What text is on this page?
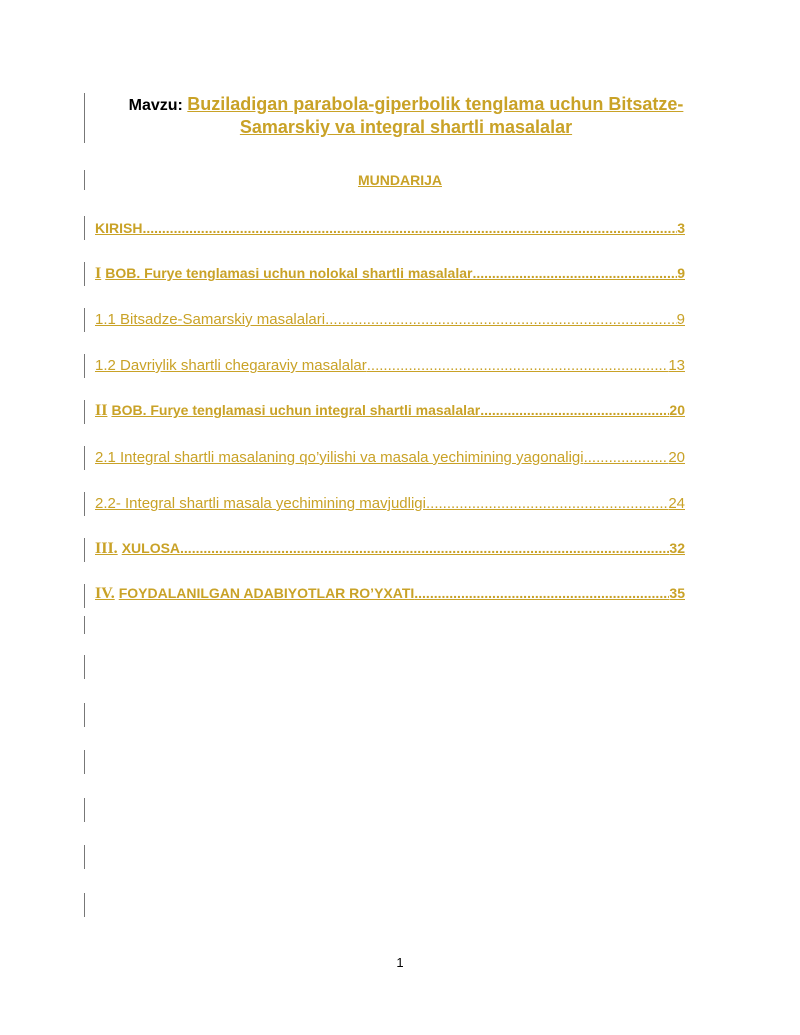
Mavzu: Buziladigan parabola-giperbolik tenglama uchun Bitsatze-
Samarskiy va integral shartli masalalar
MUNDARIJA
KIRISH .....	3
I BOB. Furye tenglamasi uchun nolokal shartli masalalar .....	9
1.1 Bitsadze-Samarskiy masalalari .....	9
1.2 Davriylik shartli chegaraviy masalalar .....	13
II BOB. Furye tenglamasi uchun integral shartli masalalar .....	20
2.1 Integral shartli masalaning qo’yilishi va masala yechimining yagonaligi .....	20
2.2- Integral shartli masala yechimining mavjudligi .....	24
III. XULOSA .....	32
IV. FOYDALANILGAN ADABIYOTLAR RO’YXATI .....	35
1
